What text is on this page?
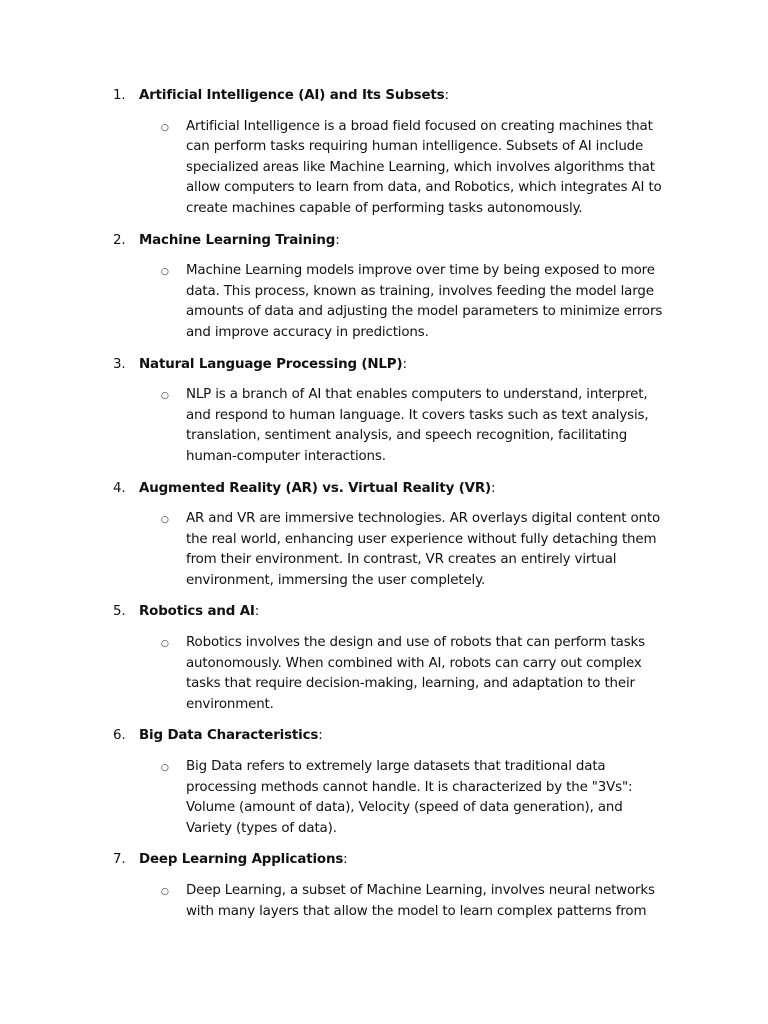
1.	Artificial Intelligence (AI) and Its Subsets:
○	Artificial Intelligence is a broad field focused on creating machines that can perform tasks requiring human intelligence. Subsets of AI include specialized areas like Machine Learning, which involves algorithms that allow computers to learn from data, and Robotics, which integrates AI to create machines capable of performing tasks autonomously.
2.	Machine Learning Training:
○	Machine Learning models improve over time by being exposed to more data. This process, known as training, involves feeding the model large amounts of data and adjusting the model parameters to minimize errors and improve accuracy in predictions.
3.	Natural Language Processing (NLP):
○	NLP is a branch of AI that enables computers to understand, interpret, and respond to human language. It covers tasks such as text analysis, translation, sentiment analysis, and speech recognition, facilitating human-computer interactions.
4.	Augmented Reality (AR) vs. Virtual Reality (VR):
○	AR and VR are immersive technologies. AR overlays digital content onto the real world, enhancing user experience without fully detaching them from their environment. In contrast, VR creates an entirely virtual environment, immersing the user completely.
5.	Robotics and AI:
○	Robotics involves the design and use of robots that can perform tasks autonomously. When combined with AI, robots can carry out complex tasks that require decision-making, learning, and adaptation to their environment.
6.	Big Data Characteristics:
○	Big Data refers to extremely large datasets that traditional data processing methods cannot handle. It is characterized by the "3Vs": Volume (amount of data), Velocity (speed of data generation), and Variety (types of data).
7.	Deep Learning Applications:
○	Deep Learning, a subset of Machine Learning, involves neural networks with many layers that allow the model to learn complex patterns from
